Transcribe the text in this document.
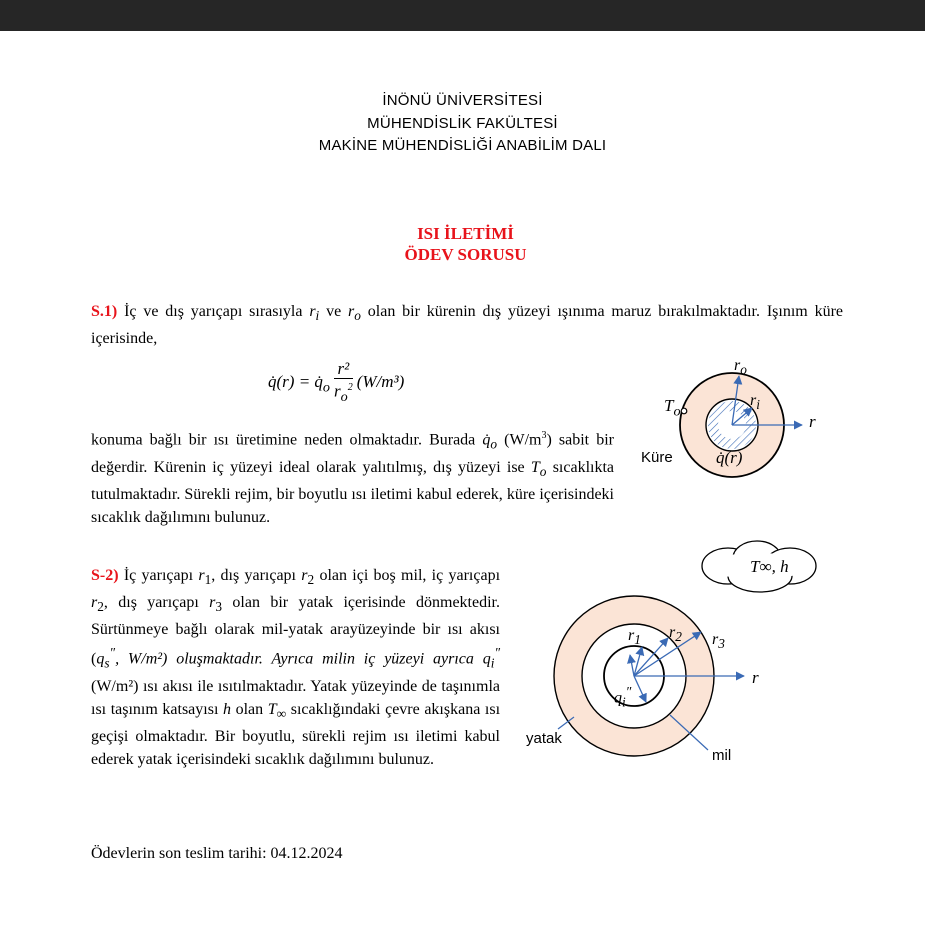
İNÖNÜ ÜNİVERSİTESİ
MÜHENDİSLİK FAKÜLTESİ
MAKİNE MÜHENDİSLİĞİ ANABİLİM DALI
ISI İLETİMİ
ÖDEV SORUSU
S.1) İç ve dış yarıçapı sırasıyla $r_i$ ve $r_o$ olan bir kürenin dış yüzeyi ışınıma maruz bırakılmaktadır. Işınım küre içerisinde,
q̇(r) = $q̇_o \frac{\text{r²}}{r_o^2} (W/m^3)$
konuma bağlı bir ısı üretimine neden olmaktadır. Burada $q̇_o$ $(W/m^3)$ sabit bir değerdir. Kürenin iç yüzeyi ideal olarak yalıtılmış, dış yüzeyi ise $T_o$ sıcaklıkta tutulmaktadır. Sürekli rejim, bir boyutlu ısı iletimi kabul ederek, küre içerisindeki sıcaklık dağılımını bulunuz.
$r_o$
$r_i$
$T_o$
r
Küre	q̇(r)
S-2) İç yarıçapı $r_1$, dış yarıçapı $r_2$ olan içi boş mil, iç yarıçapı $r_2$, dış yarıçapı $r_3$ olan bir yatak içerisinde dönmektedir. Sürtünmeye bağlı olarak mil-yatak arayüzeyinde bir ısı akısı ($q_s''$, W/m²) oluşmaktadır. Ayrıca milin iç yüzeyi ayrıca $q_i''$ (W/m²) ısı akısı ile ısıtılmaktadır. Yatak yüzeyinde de taşınımla ısı taşınım katsayısı h olan $T_\infty$ sıcaklığındaki çevre akışkana ısı geçişi olmaktadır. Bir boyutlu, sürekli rejim ısı iletimi kabul ederek yatak içerisindeki sıcaklık dağılımını bulunuz.
T∞, h
$r_1$ $r_2$ $r_3$
r
$q_i''$
yatak
mil
Ödevlerin son teslim tarihi: 04.12.2024
